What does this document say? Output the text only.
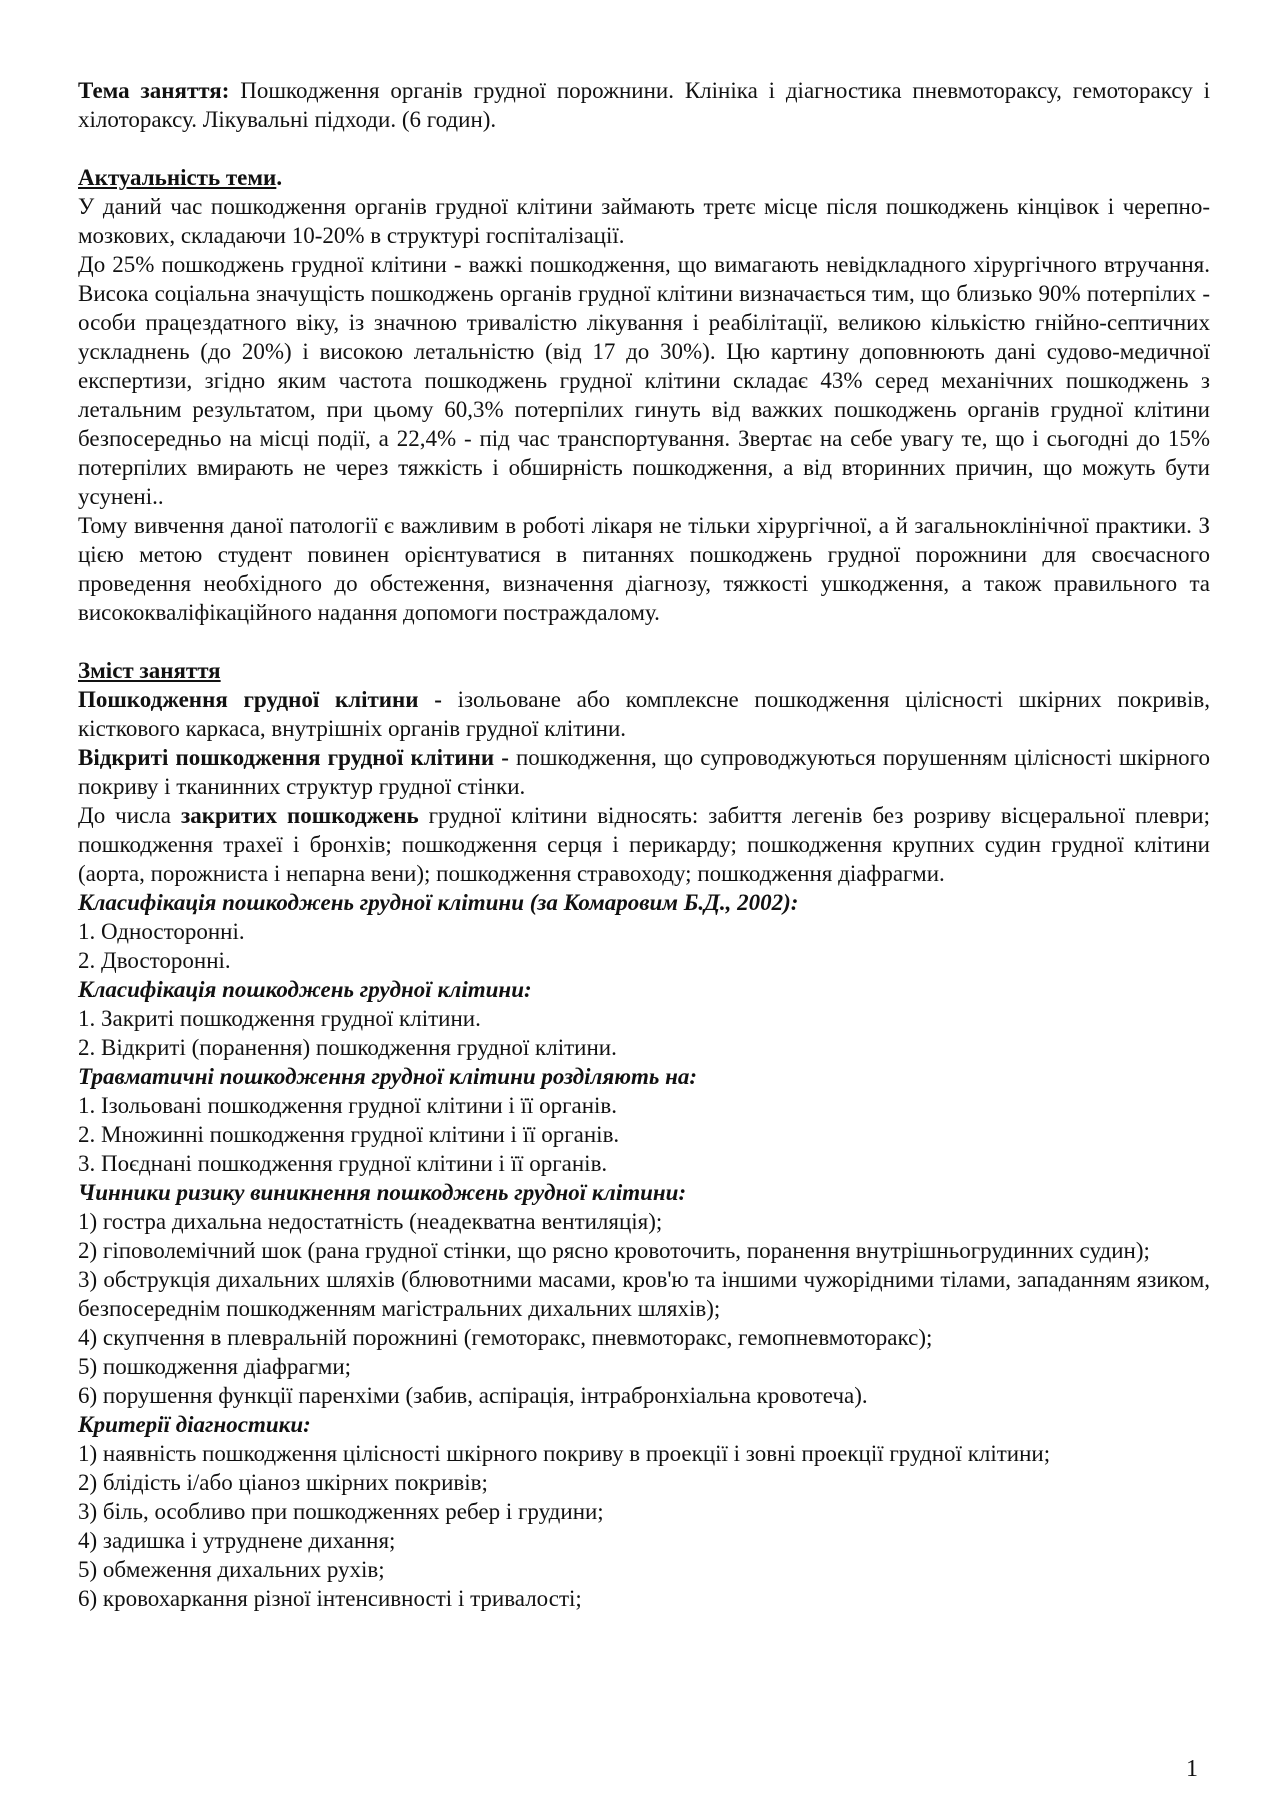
Тема заняття: Пошкодження органів грудної порожнини. Клініка і діагностика пневмотораксу, гемотораксу і хілотораксу. Лікувальні підходи. (6 годин).

Актуальність теми.

У даний час пошкодження органів грудної клітини займають третє місце після пошкоджень кінцівок і черепно-мозкових, складаючи 10-20% в структурі госпіталізації.

До 25% пошкоджень грудної клітини - важкі пошкодження, що вимагають невідкладного хірургічного втручання. Висока соціальна значущість пошкоджень органів грудної клітини визначається тим, що близько 90% потерпілих - особи працездатного віку, із значною тривалістю лікування і реабілітації, великою кількістю гнійно-септичних ускладнень (до 20%) і високою летальністю (від 17 до 30%). Цю картину доповнюють дані судово-медичної експертизи, згідно яким частота пошкоджень грудної клітини складає 43% серед механічних пошкоджень з летальним результатом, при цьому 60,3% потерпілих гинуть від важких пошкоджень органів грудної клітини безпосередньо на місці події, а 22,4% - під час транспортування. Звертає на себе увагу те, що і сьогодні до 15% потерпілих вмирають не через тяжкість і обширність пошкодження, а від вторинних причин, що можуть бути усунені..

Тому вивчення даної патології є важливим в роботі лікаря не тільки хірургічної, а й загальноклінічної практики. З цією метою студент повинен орієнтуватися в питаннях пошкоджень грудної порожнини для своєчасного проведення необхідного до обстеження, визначення діагнозу, тяжкості ушкодження, а також правильного та висококваліфікаційного надання допомоги постраждалому.

Зміст заняття

Пошкодження грудної клітини - ізольоване або комплексне пошкодження цілісності шкірних покривів, кісткового каркаса, внутрішніх органів грудної клітини.

Відкриті пошкодження грудної клітини - пошкодження, що супроводжуються порушенням цілісності шкірного покриву і тканинних структур грудної стінки.

До числа закритих пошкоджень грудної клітини відносять: забиття легенів без розриву вісцеральної плеври; пошкодження трахеї і бронхів; пошкодження серця і перикарду; пошкодження крупних судин грудної клітини (аорта, порожниста і непарна вени); пошкодження стравоходу; пошкодження діафрагми.

Класифікація пошкоджень грудної клітини (за Комаровим Б.Д., 2002):

1. Односторонні.

2. Двосторонні.

Класифікація пошкоджень грудної клітини:

1. Закриті пошкодження грудної клітини.

2. Відкриті (поранення) пошкодження грудної клітини.

Травматичні пошкодження грудної клітини розділяють на:

1. Ізольовані пошкодження грудної клітини і її органів.

2. Множинні пошкодження грудної клітини і її органів.

3. Поєднані пошкодження грудної клітини і її органів.

Чинники ризику виникнення пошкоджень грудної клітини:

1) гостра дихальна недостатність (неадекватна вентиляція);

2) гіповолемічний шок (рана грудної стінки, що рясно кровоточить, поранення внутрішньогрудинних судин);

3) обструкція дихальних шляхів (блювотними масами, кров'ю та іншими чужорідними тілами, западанням язиком, безпосереднім пошкодженням магістральних дихальних шляхів);

4) скупчення в плевральній порожнині (гемоторакс, пневмоторакс, гемопневмоторакс);

5) пошкодження діафрагми;

6) порушення функції паренхіми (забив, аспірація, інтрабронхіальна кровотеча).

Критерії діагностики:

1) наявність пошкодження цілісності шкірного покриву в проекції і зовні проекції грудної клітини;

2) блідість і/або ціаноз шкірних покривів;

3) біль, особливо при пошкодженнях ребер і грудини;

4) задишка і утруднене дихання;

5) обмеження дихальних рухів;

6) кровохаркання різної інтенсивності і тривалості;

1
